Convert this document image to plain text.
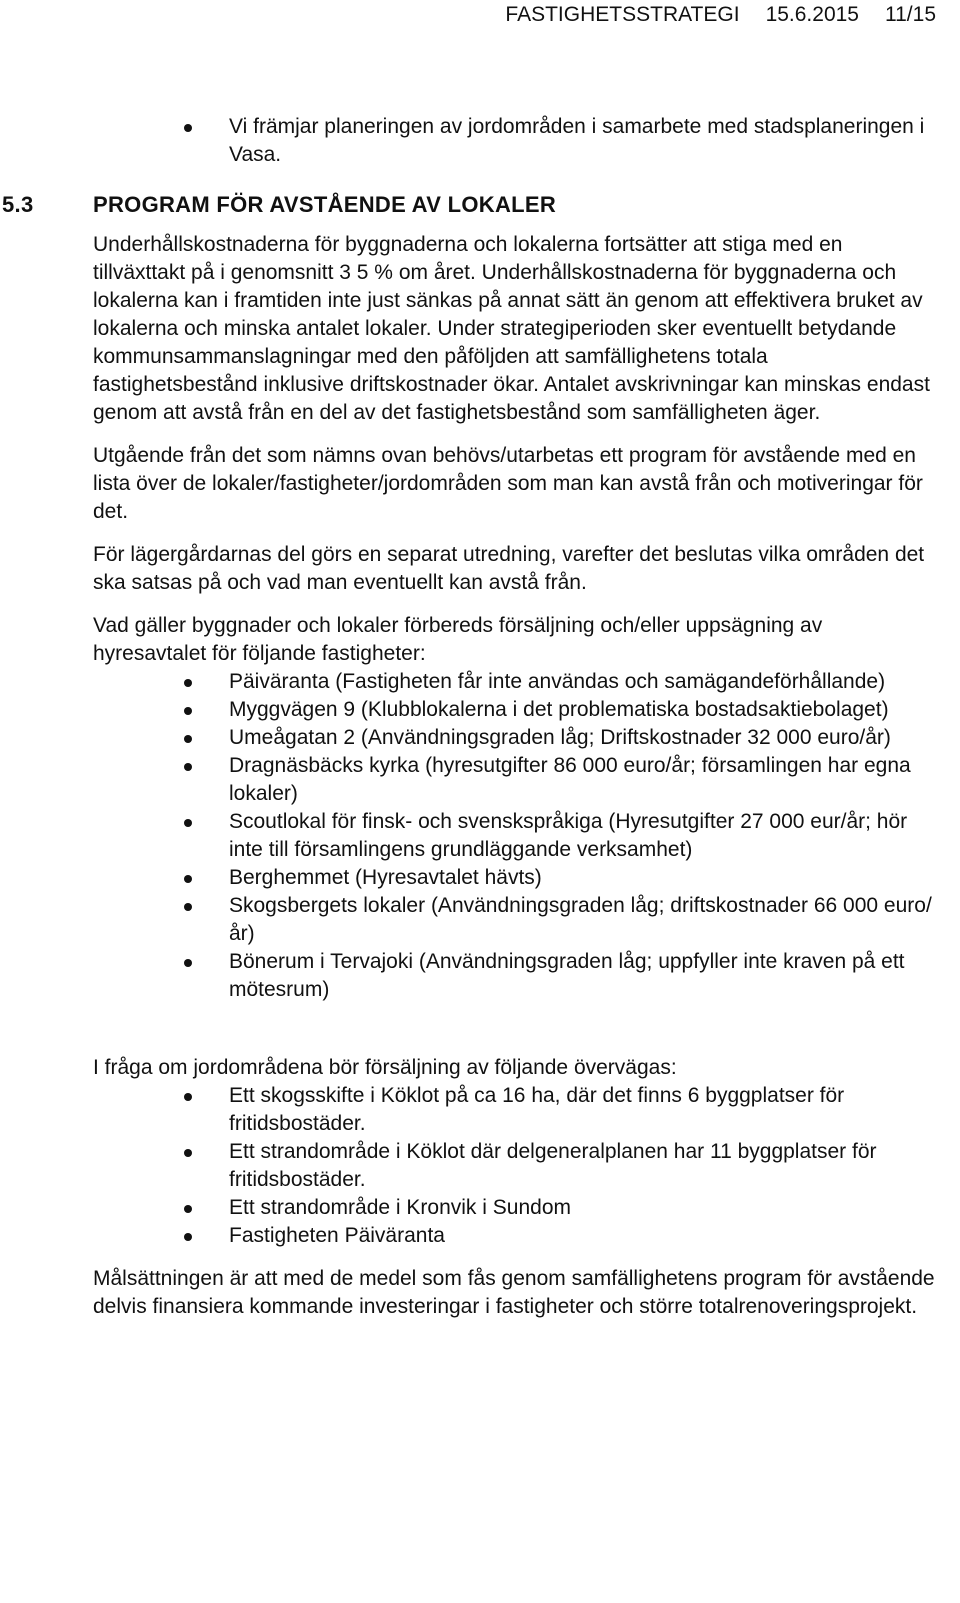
FASTIGHETSSTRATEGI 15.6.2015 11/15
Vi främjar planeringen av jordområden i samarbete med stadsplaneringen i Vasa.
5.3	PROGRAM FÖR AVSTÅENDE AV LOKALER

Underhållskostnaderna för byggnaderna och lokalerna fortsätter att stiga med en tillväxttakt på i genomsnitt 3 5 % om året. Underhållskostnaderna för byggnaderna och lokalerna kan i framtiden inte just sänkas på annat sätt än genom att effektivera bruket av lokalerna och minska antalet lokaler. Under strategiperioden sker eventuellt betydande kommunsammanslagningar med den påföljden att samfällighetens totala fastighetsbestånd inklusive driftskostnader ökar. Antalet avskrivningar kan minskas endast genom att avstå från en del av det fastighetsbestånd som samfälligheten äger.

Utgående från det som nämns ovan behövs/utarbetas ett program för avstående med en lista över de lokaler/fastigheter/jordområden som man kan avstå från och motiveringar för det.

För lägergårdarnas del görs en separat utredning, varefter det beslutas vilka områden det ska satsas på och vad man eventuellt kan avstå från.

Vad gäller byggnader och lokaler förbereds försäljning och/eller uppsägning av hyresavtalet för följande fastigheter:

Päiväranta (Fastigheten får inte användas och samägandeförhållande)
Myggvägen 9 (Klubblokalerna i det problematiska bostadsaktiebolaget)
Umeågatan 2 (Användningsgraden låg; Driftskostnader 32 000 euro/år)
Dragnäsbäcks kyrka (hyresutgifter 86 000 euro/år; församlingen har egna lokaler)
Scoutlokal för finsk- och svenskspråkiga (Hyresutgifter 27 000 eur/år; hör inte till församlingens grundläggande verksamhet)
Berghemmet (Hyresavtalet hävts)
Skogsbergets lokaler (Användningsgraden låg; driftskostnader 66 000 euro/år)
Bönerum i Tervajoki (Användningsgraden låg; uppfyller inte kraven på ett mötesrum)

I fråga om jordområdena bör försäljning av följande övervägas:

Ett skogsskifte i Köklot på ca 16 ha, där det finns 6 byggplatser för fritidsbostäder.
Ett strandområde i Köklot där delgeneralplanen har 11 byggplatser för fritidsbostäder.
Ett strandområde i Kronvik i Sundom
Fastigheten Päiväranta

Målsättningen är att med de medel som fås genom samfällighetens program för avstående delvis finansiera kommande investeringar i fastigheter och större totalrenoveringsprojekt.
